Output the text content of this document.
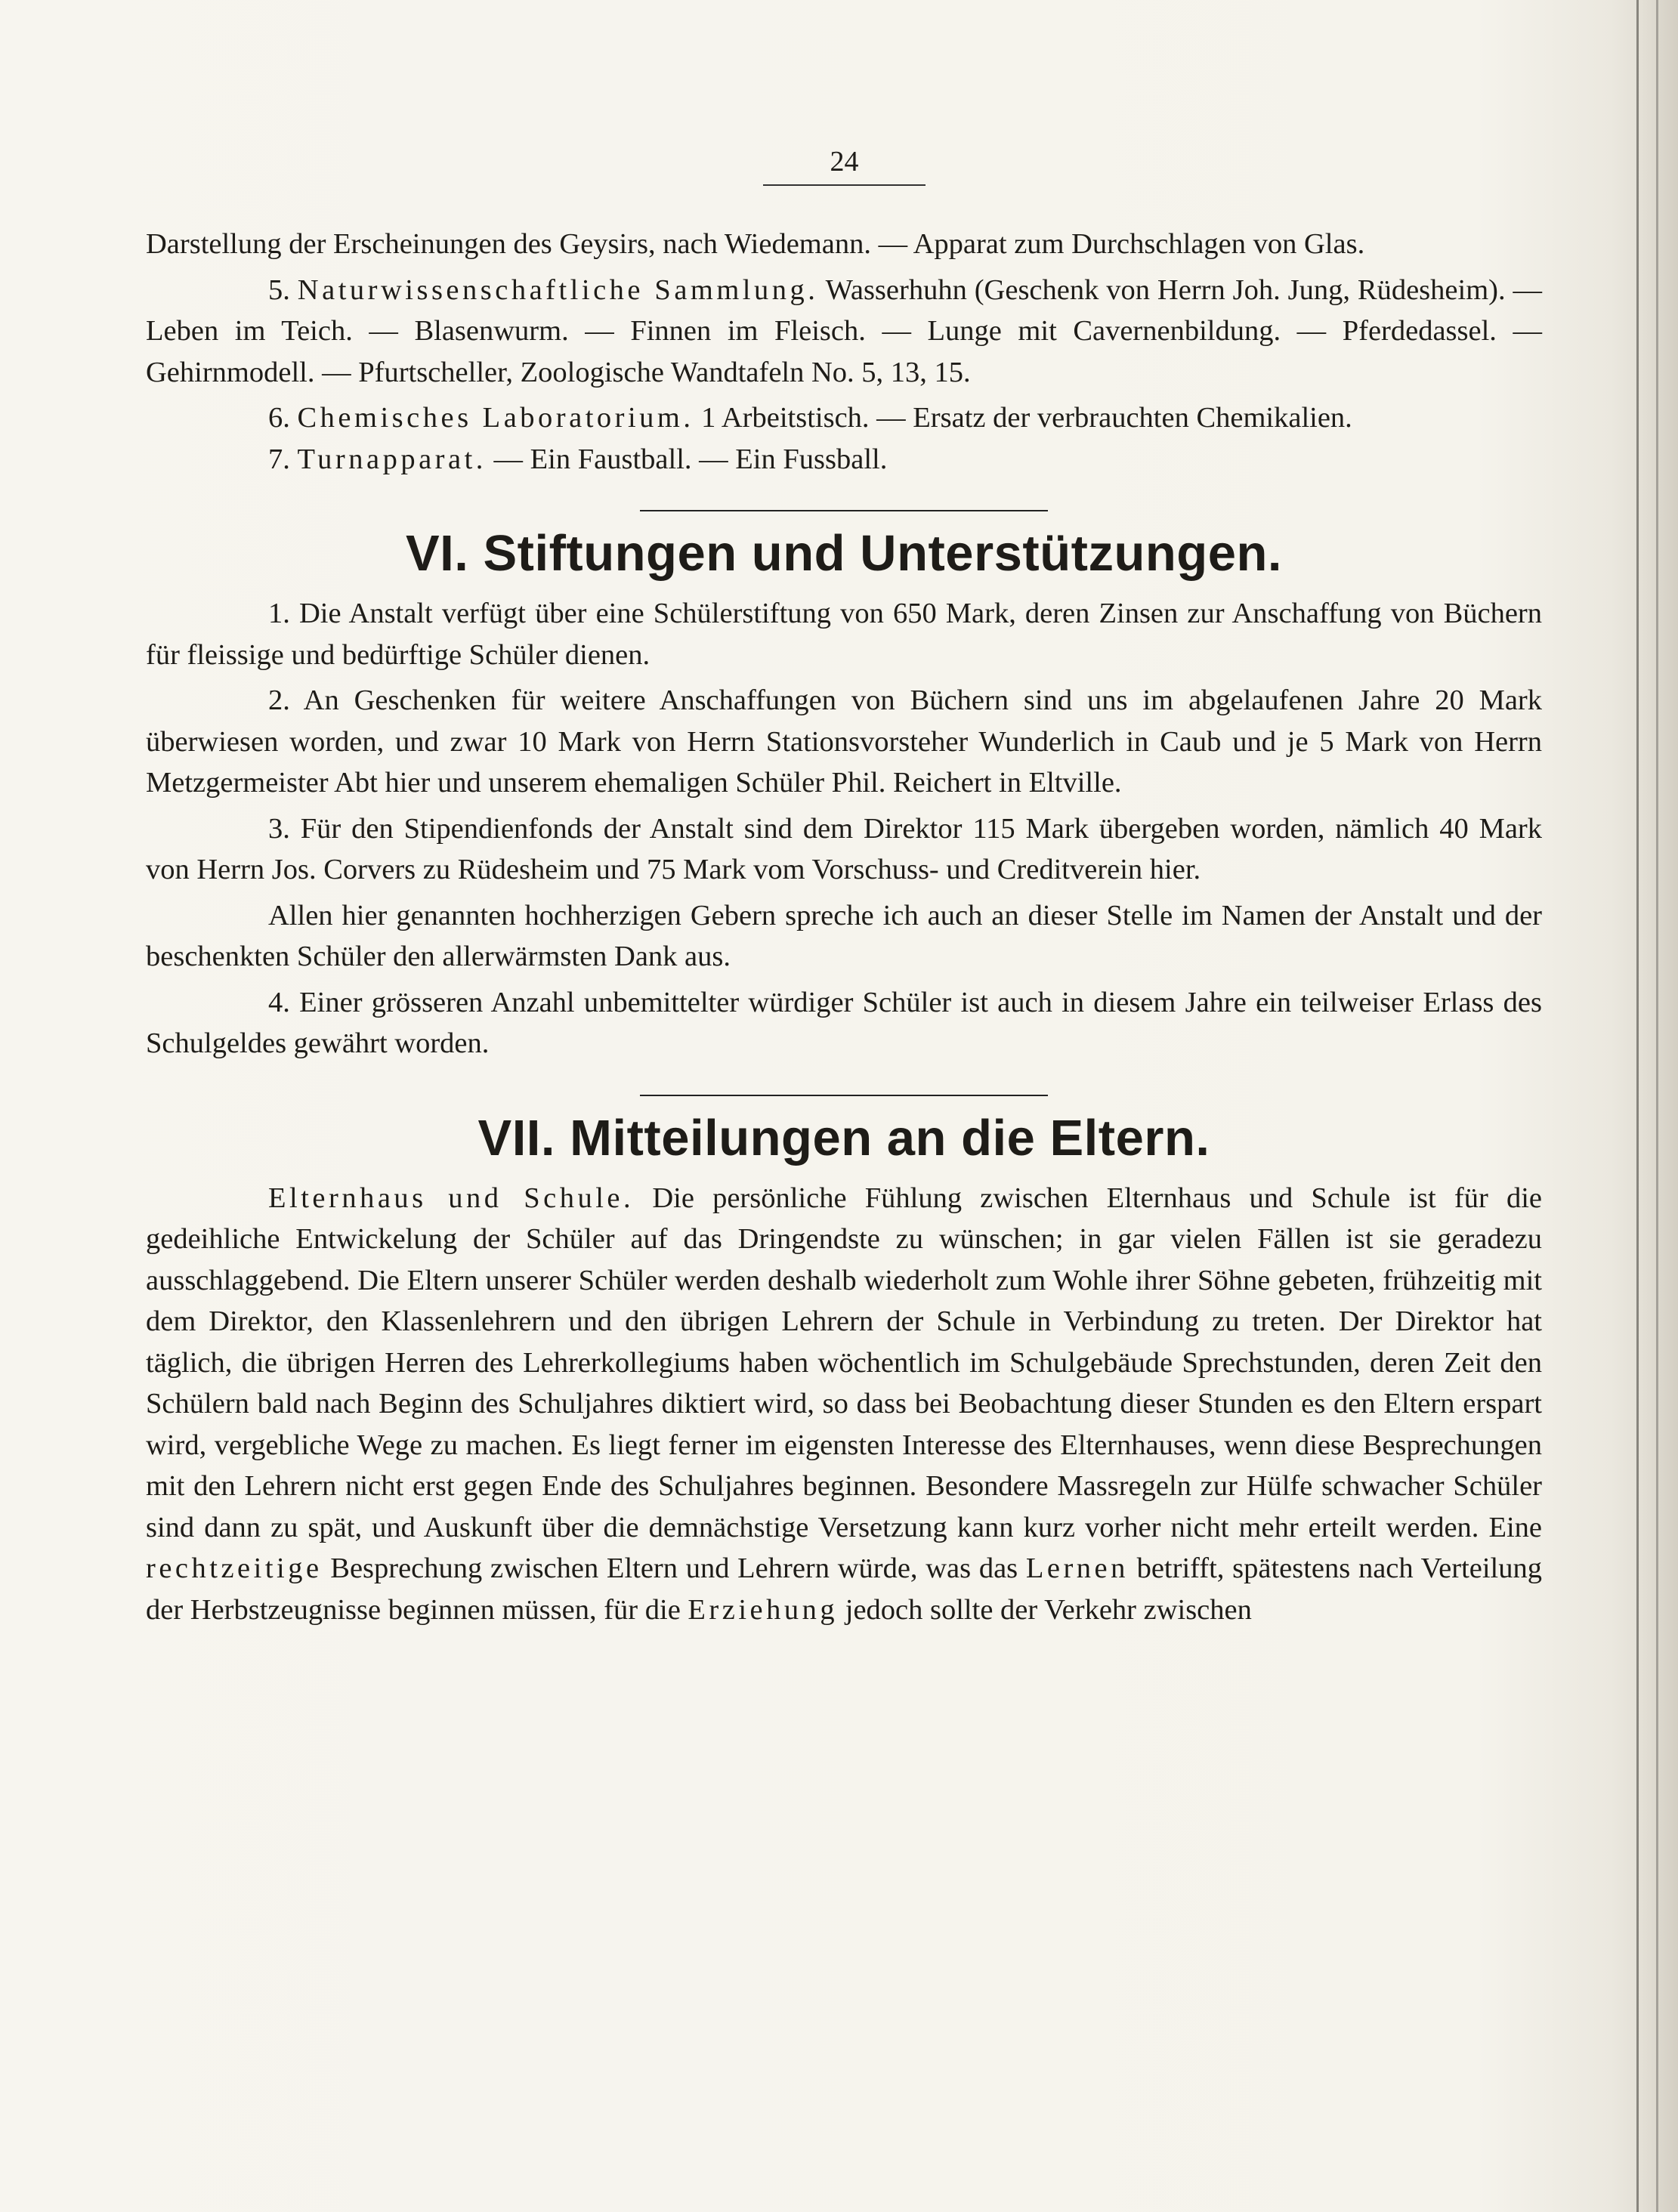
24

Darstellung der Erscheinungen des Geysirs, nach Wiedemann. — Apparat zum Durchschlagen von Glas.

5. Naturwissenschaftliche Sammlung. Wasserhuhn (Geschenk von Herrn Joh. Jung, Rüdesheim). — Leben im Teich. — Blasenwurm. — Finnen im Fleisch. — Lunge mit Cavernenbildung. — Pferdedassel. — Gehirnmodell. — Pfurtscheller, Zoologische Wandtafeln No. 5, 13, 15.

6. Chemisches Laboratorium. 1 Arbeitstisch. — Ersatz der verbrauchten Chemikalien.

7. Turnapparat. — Ein Faustball. — Ein Fussball.

VI. Stiftungen und Unterstützungen.

1. Die Anstalt verfügt über eine Schülerstiftung von 650 Mark, deren Zinsen zur Anschaffung von Büchern für fleissige und bedürftige Schüler dienen.

2. An Geschenken für weitere Anschaffungen von Büchern sind uns im abgelaufenen Jahre 20 Mark überwiesen worden, und zwar 10 Mark von Herrn Stationsvorsteher Wunderlich in Caub und je 5 Mark von Herrn Metzgermeister Abt hier und unserem ehemaligen Schüler Phil. Reichert in Eltville.

3. Für den Stipendienfonds der Anstalt sind dem Direktor 115 Mark übergeben worden, nämlich 40 Mark von Herrn Jos. Corvers zu Rüdesheim und 75 Mark vom Vorschuss- und Creditverein hier.

Allen hier genannten hochherzigen Gebern spreche ich auch an dieser Stelle im Namen der Anstalt und der beschenkten Schüler den allerwärmsten Dank aus.

4. Einer grösseren Anzahl unbemittelter würdiger Schüler ist auch in diesem Jahre ein teilweiser Erlass des Schulgeldes gewährt worden.

VII. Mitteilungen an die Eltern.

Elternhaus und Schule. Die persönliche Fühlung zwischen Elternhaus und Schule ist für die gedeihliche Entwickelung der Schüler auf das Dringendste zu wünschen; in gar vielen Fällen ist sie geradezu ausschlaggebend. Die Eltern unserer Schüler werden deshalb wiederholt zum Wohle ihrer Söhne gebeten, frühzeitig mit dem Direktor, den Klassenlehrern und den übrigen Lehrern der Schule in Verbindung zu treten. Der Direktor hat täglich, die übrigen Herren des Lehrerkollegiums haben wöchentlich im Schulgebäude Sprechstunden, deren Zeit den Schülern bald nach Beginn des Schuljahres diktiert wird, so dass bei Beobachtung dieser Stunden es den Eltern erspart wird, vergebliche Wege zu machen. Es liegt ferner im eigensten Interesse des Elternhauses, wenn diese Besprechungen mit den Lehrern nicht erst gegen Ende des Schuljahres beginnen. Besondere Massregeln zur Hülfe schwacher Schüler sind dann zu spät, und Auskunft über die demnächstige Versetzung kann kurz vorher nicht mehr erteilt werden. Eine rechtzeitige Besprechung zwischen Eltern und Lehrern würde, was das Lernen betrifft, spätestens nach Verteilung der Herbstzeugnisse beginnen müssen, für die Erziehung jedoch sollte der Verkehr zwischen
